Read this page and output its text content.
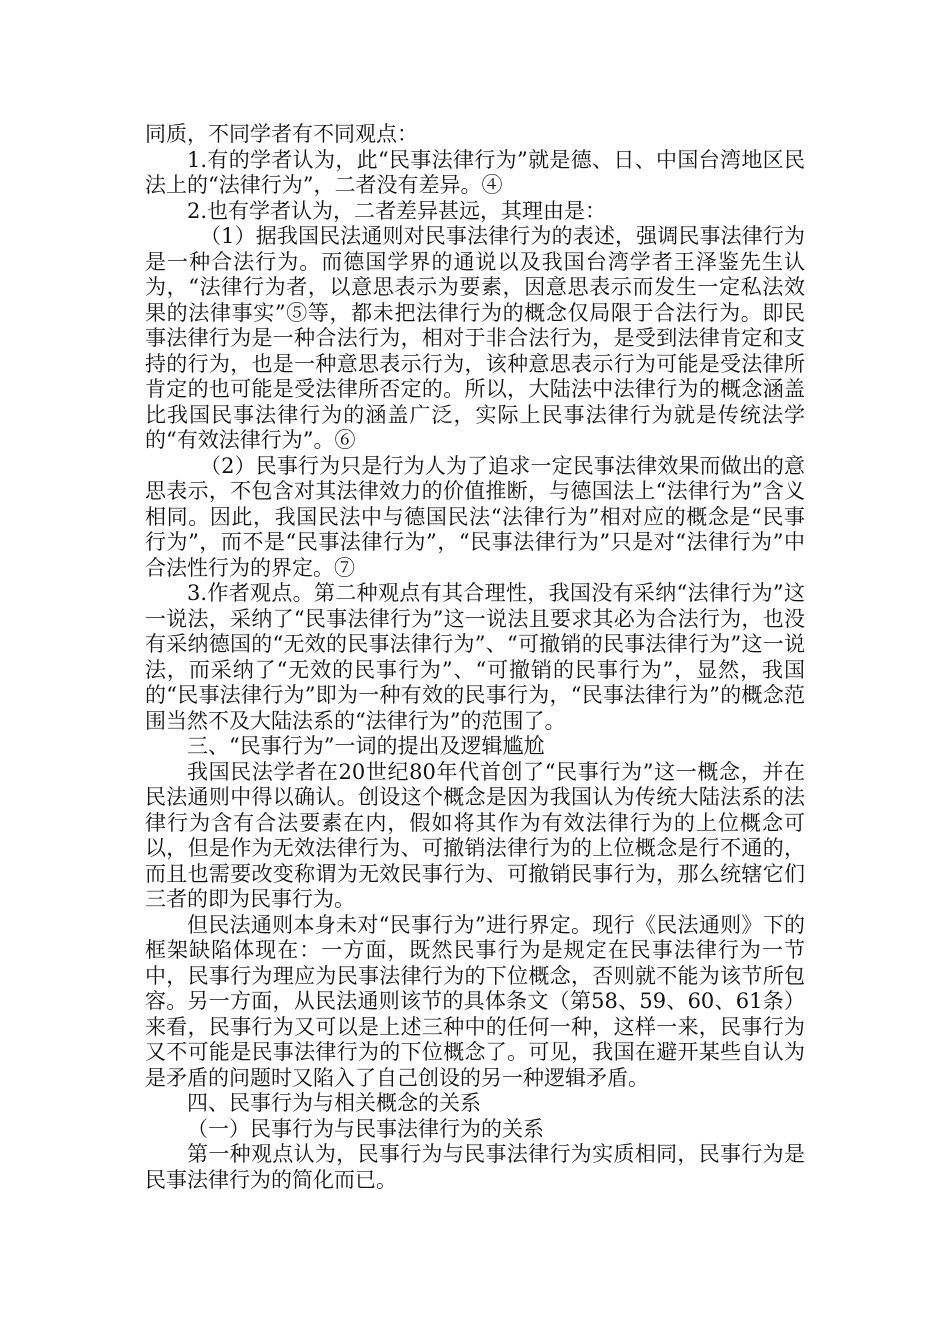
同质，不同学者有不同观点：

1.有的学者认为，此“民事法律行为”就是德、日、中国台湾地区民法上的“法律行为”，二者没有差异。④

2.也有学者认为，二者差异甚远，其理由是：

（1）据我国民法通则对民事法律行为的表述，强调民事法律行为是一种合法行为。而德国学界的通说以及我国台湾学者王泽鉴先生认为，“法律行为者，以意思表示为要素，因意思表示而发生一定私法效果的法律事实”⑤等，都未把法律行为的概念仅局限于合法行为。即民事法律行为是一种合法行为，相对于非合法行为，是受到法律肯定和支持的行为，也是一种意思表示行为，该种意思表示行为可能是受法律所肯定的也可能是受法律所否定的。所以，大陆法中法律行为的概念涵盖比我国民事法律行为的涵盖广泛，实际上民事法律行为就是传统法学的“有效法律行为”。⑥

（2）民事行为只是行为人为了追求一定民事法律效果而做出的意思表示，不包含对其法律效力的价值推断，与德国法上“法律行为”含义相同。因此，我国民法中与德国民法“法律行为”相对应的概念是“民事行为”，而不是“民事法律行为”，“民事法律行为”只是对“法律行为”中合法性行为的界定。⑦

3.作者观点。第二种观点有其合理性，我国没有采纳“法律行为”这一说法，采纳了“民事法律行为”这一说法且要求其必为合法行为，也没有采纳德国的“无效的民事法律行为”、“可撤销的民事法律行为”这一说法，而采纳了“无效的民事行为”、“可撤销的民事行为”，显然，我国的“民事法律行为”即为一种有效的民事行为，“民事法律行为”的概念范围当然不及大陆法系的“法律行为”的范围了。

三、“民事行为”一词的提出及逻辑尴尬

我国民法学者在20世纪80年代首创了“民事行为”这一概念，并在民法通则中得以确认。创设这个概念是因为我国认为传统大陆法系的法律行为含有合法要素在内，假如将其作为有效法律行为的上位概念可以，但是作为无效法律行为、可撤销法律行为的上位概念是行不通的，而且也需要改变称谓为无效民事行为、可撤销民事行为，那么统辖它们三者的即为民事行为。

但民法通则本身未对“民事行为”进行界定。现行《民法通则》下的框架缺陷体现在：一方面，既然民事行为是规定在民事法律行为一节中，民事行为理应为民事法律行为的下位概念，否则就不能为该节所包容。另一方面，从民法通则该节的具体条文（第58、59、60、61条）来看，民事行为又可以是上述三种中的任何一种，这样一来，民事行为又不可能是民事法律行为的下位概念了。可见，我国在避开某些自认为是矛盾的问题时又陷入了自己创设的另一种逻辑矛盾。

四、民事行为与相关概念的关系

（一）民事行为与民事法律行为的关系

第一种观点认为，民事行为与民事法律行为实质相同，民事行为是民事法律行为的简化而已。
